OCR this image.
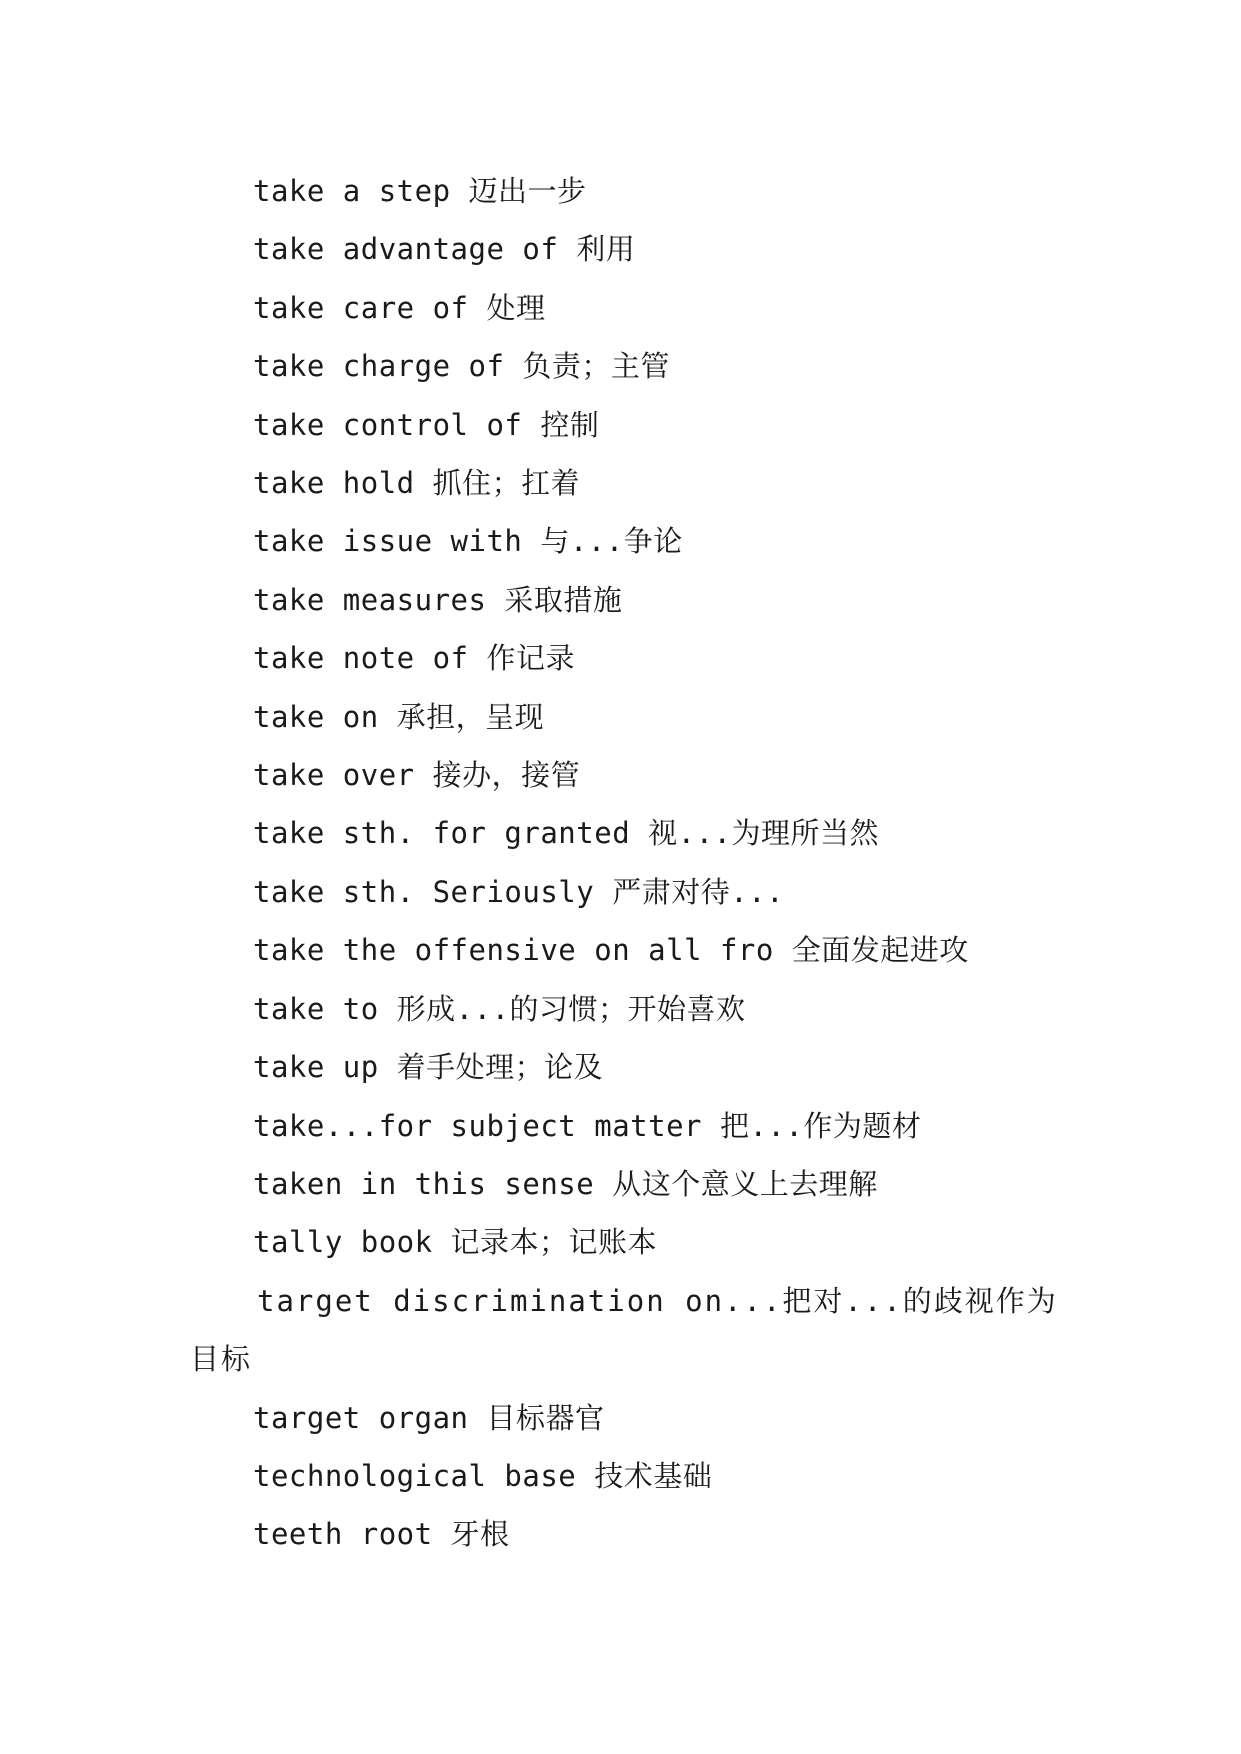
take a step 迈出一步
take advantage of 利用
take care of 处理
take charge of 负责；主管
take control of 控制
take hold 抓住；扛着
take issue with 与...争论
take measures 采取措施
take note of 作记录
take on 承担，呈现
take over 接办，接管
take sth. for granted 视...为理所当然
take sth. Seriously 严肃对待...
take the offensive on all fro 全面发起进攻
take to 形成...的习惯；开始喜欢
take up 着手处理；论及
take...for subject matter 把...作为题材
taken in this sense 从这个意义上去理解
tally book 记录本；记账本
target discrimination on...把对...的歧视作为目标
target organ 目标器官
technological base 技术基础
teeth root 牙根
